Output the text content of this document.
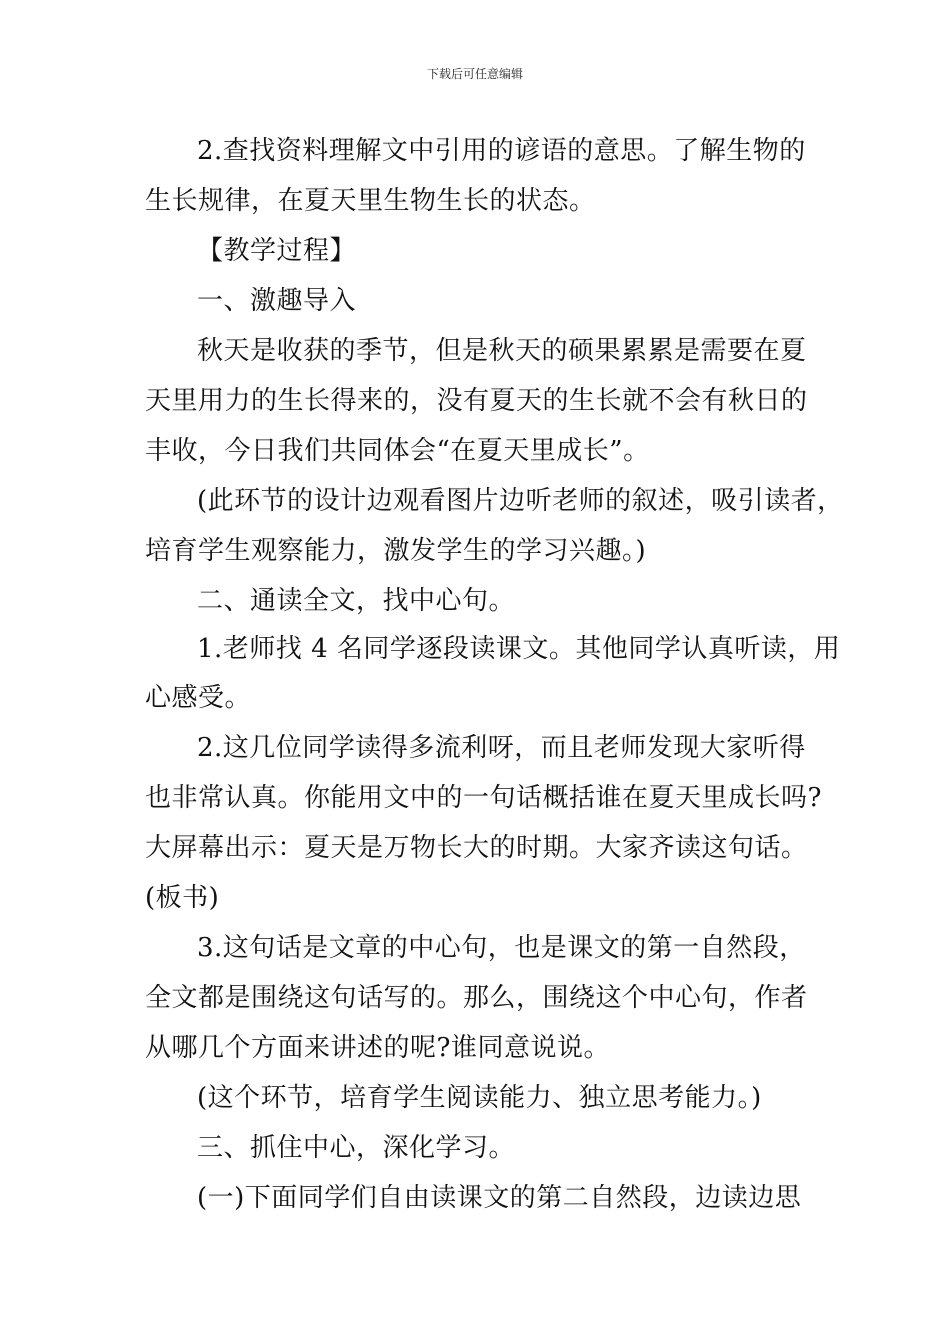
下载后可任意编辑
2.查找资料理解文中引用的谚语的意思。了解生物的
生长规律，在夏天里生物生长的状态。
【教学过程】
一、激趣导入
秋天是收获的季节，但是秋天的硕果累累是需要在夏
天里用力的生长得来的，没有夏天的生长就不会有秋日的
丰收，今日我们共同体会“在夏天里成长”。
(此环节的设计边观看图片边听老师的叙述，吸引读者，
培育学生观察能力，激发学生的学习兴趣。)
二、通读全文，找中心句。
1.老师找 4 名同学逐段读课文。其他同学认真听读，用
心感受。
2.这几位同学读得多流利呀，而且老师发现大家听得
也非常认真。你能用文中的一句话概括谁在夏天里成长吗?
大屏幕出示：夏天是万物长大的时期。大家齐读这句话。
(板书)
3.这句话是文章的中心句，也是课文的第一自然段，
全文都是围绕这句话写的。那么，围绕这个中心句，作者
从哪几个方面来讲述的呢?谁同意说说。
(这个环节，培育学生阅读能力、独立思考能力。)
三、抓住中心，深化学习。
(一)下面同学们自由读课文的第二自然段，边读边思
